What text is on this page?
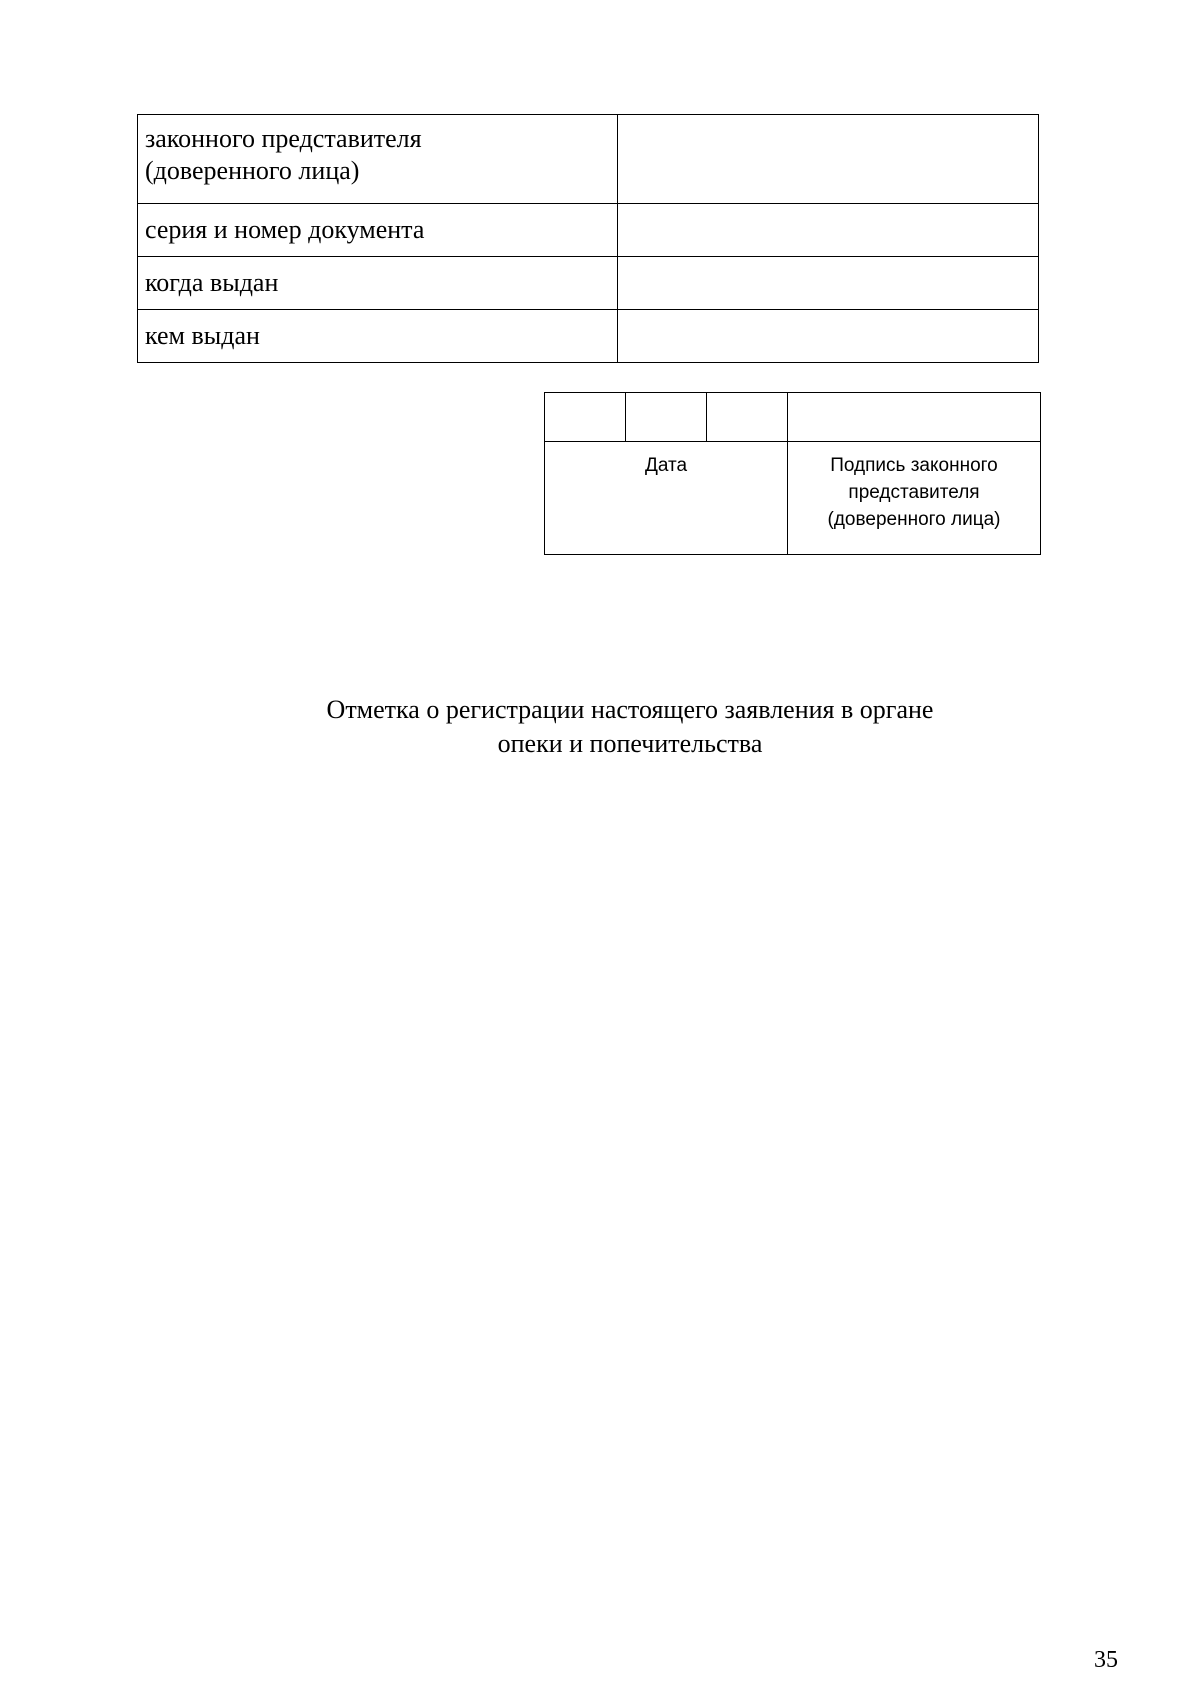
законного представителя
(доверенного лица)	
серия и номер документа	
когда выдан	
кем выдан	

Дата			Подпись законного
представителя
(доверенного лица)
Отметка о регистрации настоящего заявления в органе
опеки и попечительства
35
